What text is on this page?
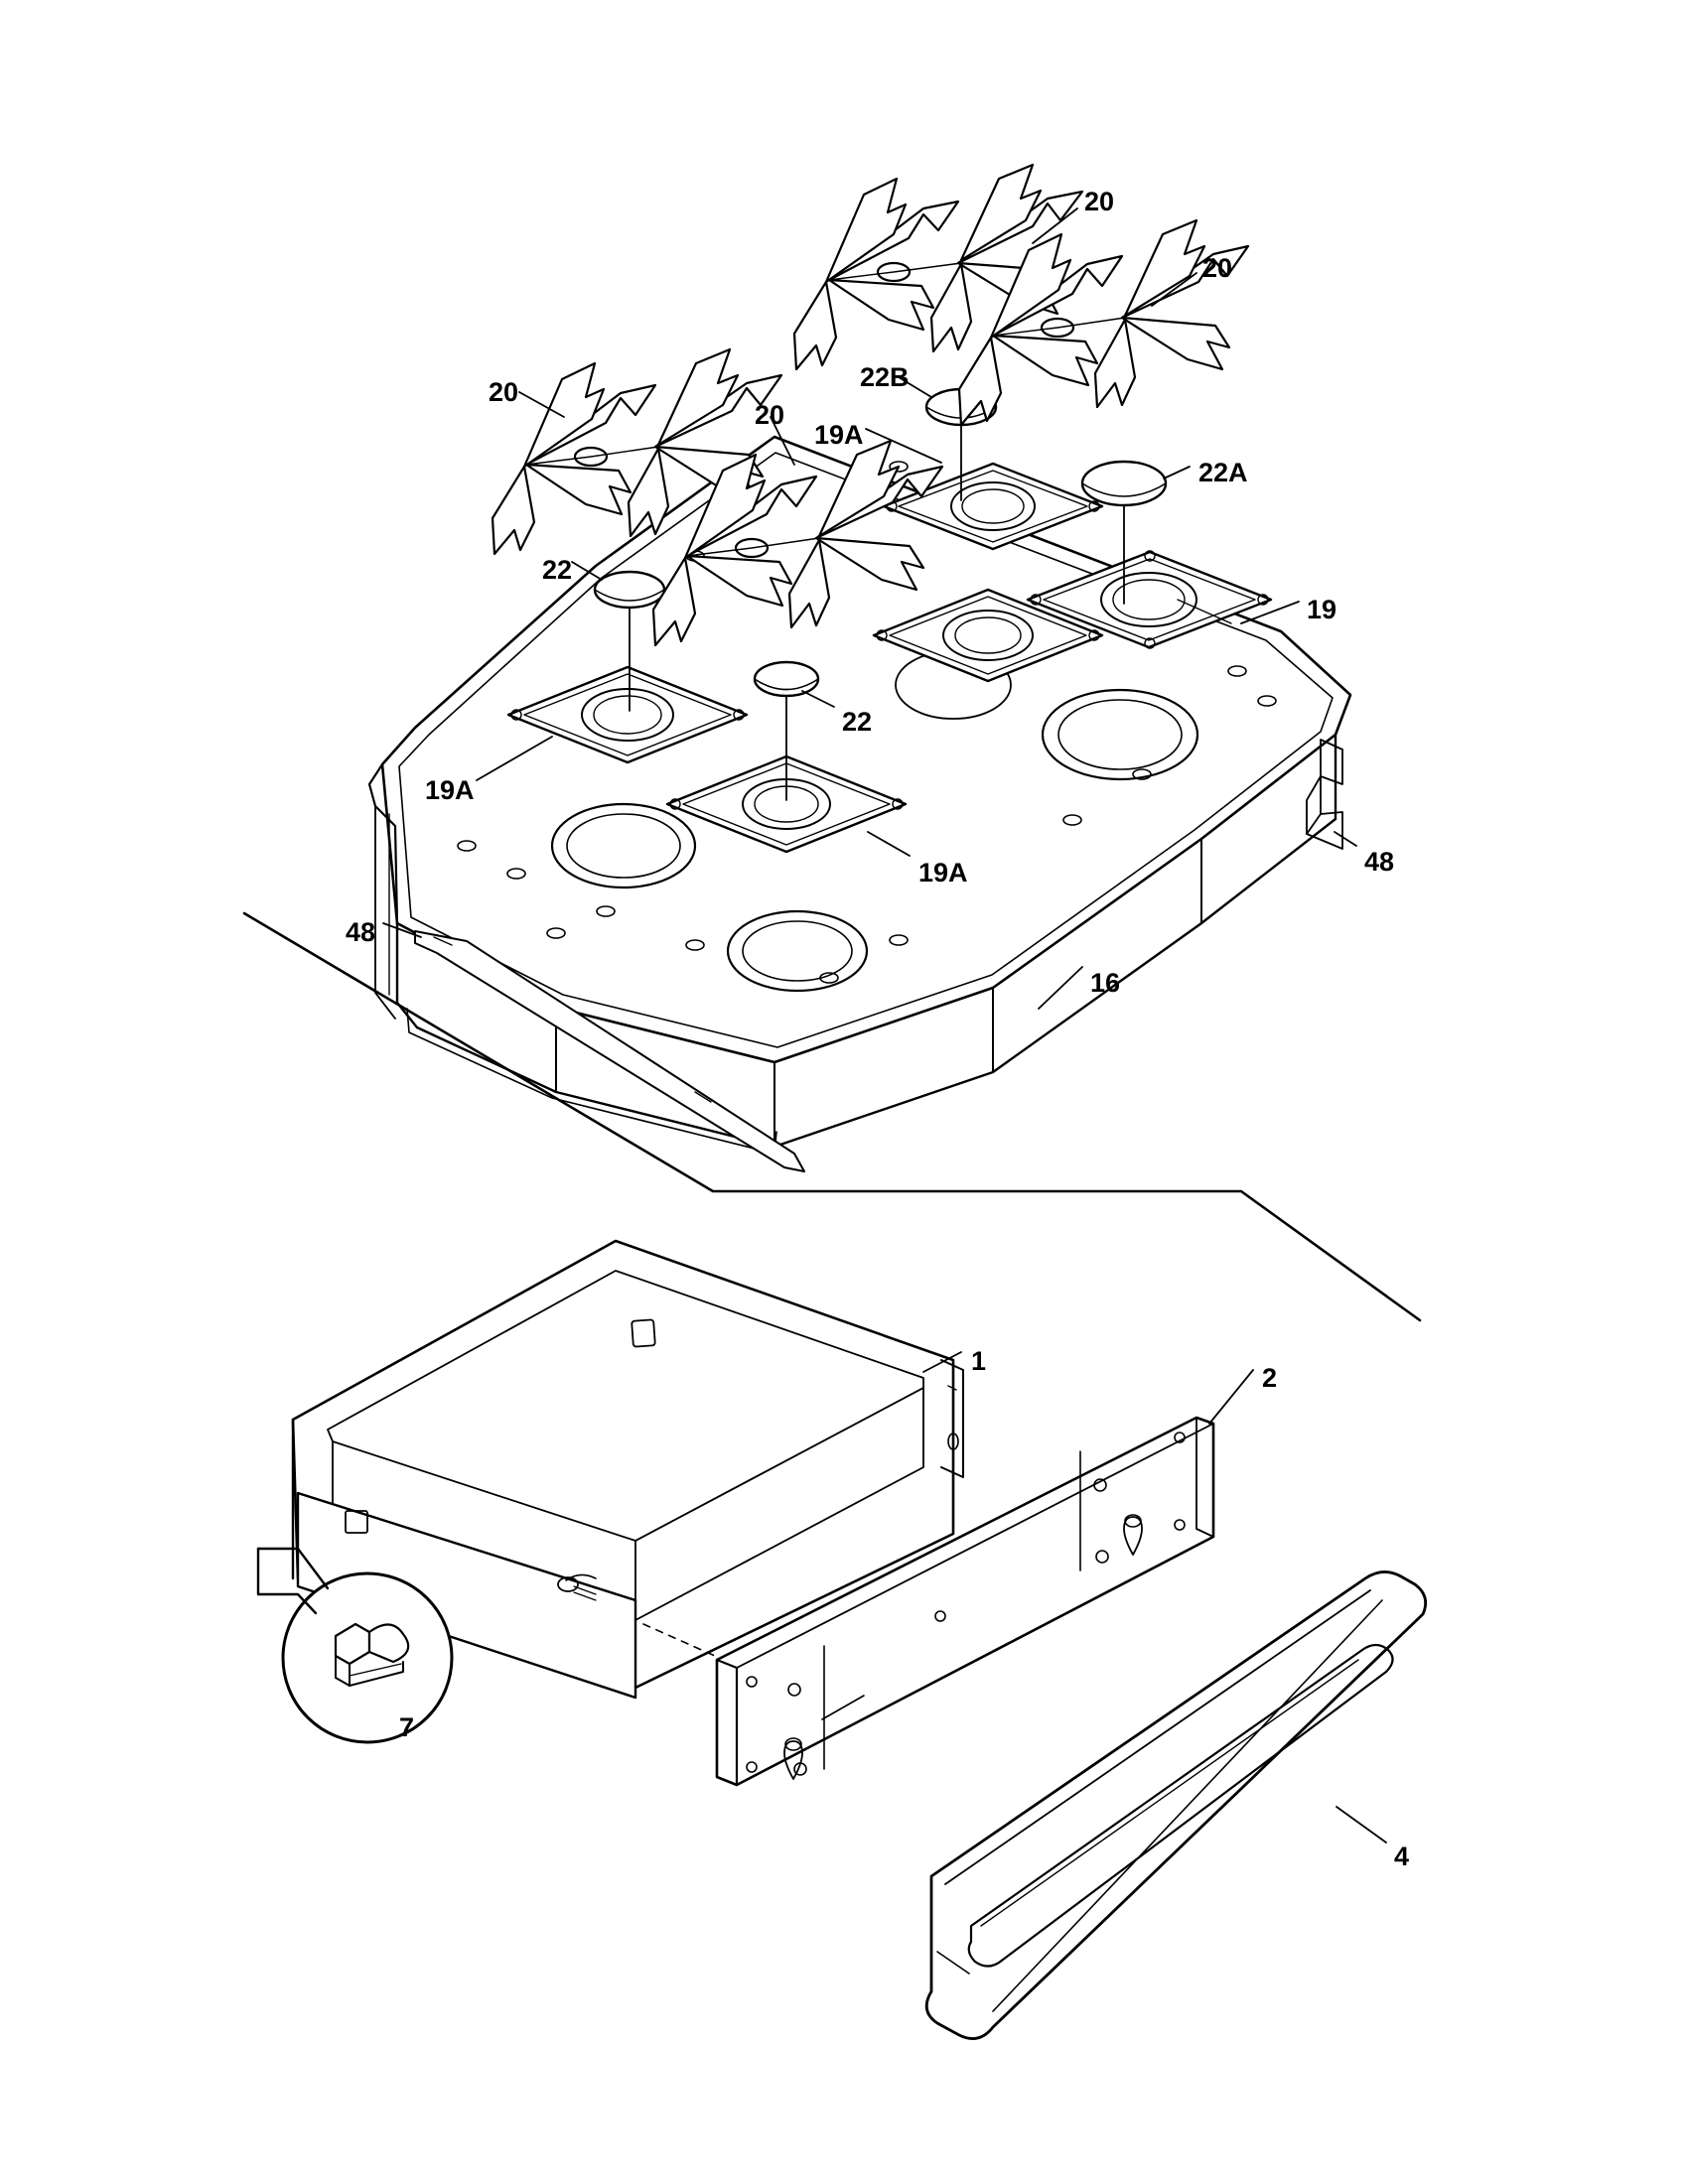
20
20
20
20
22B
19A
22A
22
19
22
19A
19A	48
48
16
1
2
7
4
